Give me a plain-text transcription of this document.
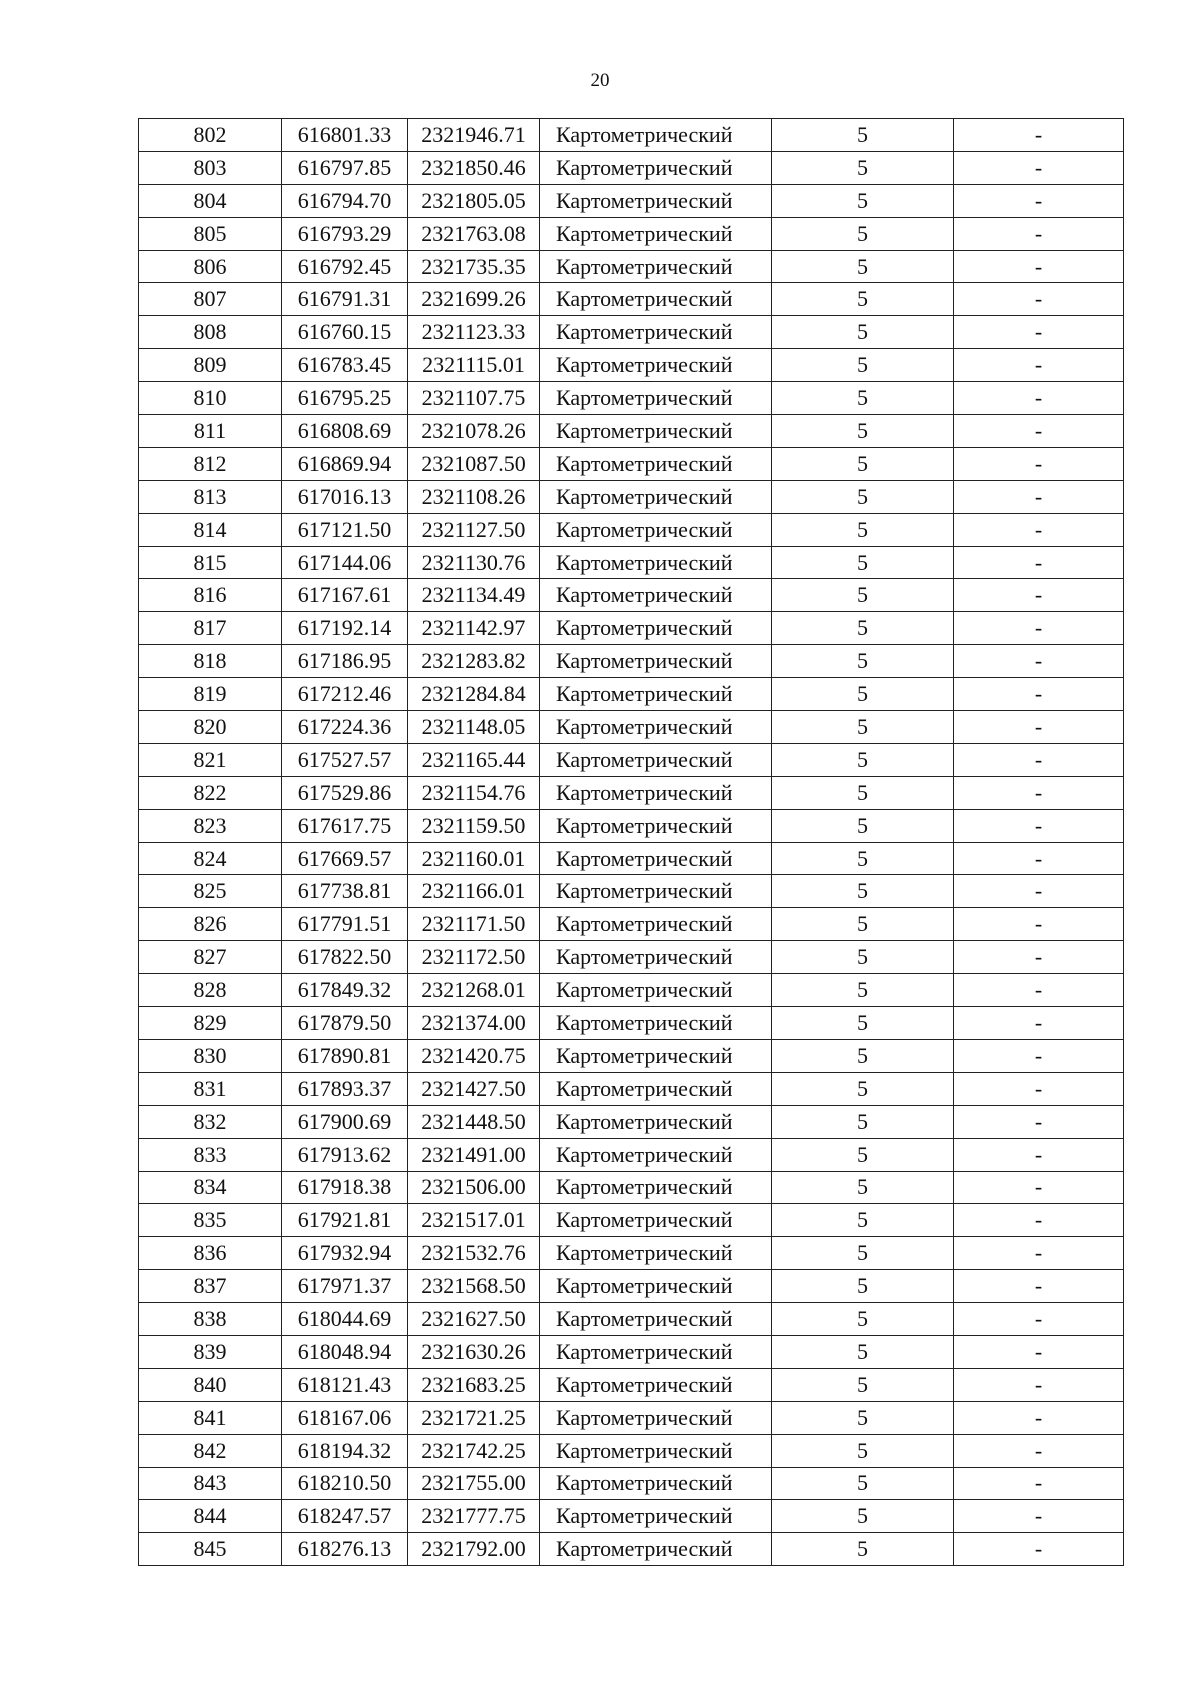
20
802	616801.33	2321946.71	Картометрический	5	-
803	616797.85	2321850.46	Картометрический	5	-
804	616794.70	2321805.05	Картометрический	5	-
805	616793.29	2321763.08	Картометрический	5	-
806	616792.45	2321735.35	Картометрический	5	-
807	616791.31	2321699.26	Картометрический	5	-
808	616760.15	2321123.33	Картометрический	5	-
809	616783.45	2321115.01	Картометрический	5	-
810	616795.25	2321107.75	Картометрический	5	-
811	616808.69	2321078.26	Картометрический	5	-
812	616869.94	2321087.50	Картометрический	5	-
813	617016.13	2321108.26	Картометрический	5	-
814	617121.50	2321127.50	Картометрический	5	-
815	617144.06	2321130.76	Картометрический	5	-
816	617167.61	2321134.49	Картометрический	5	-
817	617192.14	2321142.97	Картометрический	5	-
818	617186.95	2321283.82	Картометрический	5	-
819	617212.46	2321284.84	Картометрический	5	-
820	617224.36	2321148.05	Картометрический	5	-
821	617527.57	2321165.44	Картометрический	5	-
822	617529.86	2321154.76	Картометрический	5	-
823	617617.75	2321159.50	Картометрический	5	-
824	617669.57	2321160.01	Картометрический	5	-
825	617738.81	2321166.01	Картометрический	5	-
826	617791.51	2321171.50	Картометрический	5	-
827	617822.50	2321172.50	Картометрический	5	-
828	617849.32	2321268.01	Картометрический	5	-
829	617879.50	2321374.00	Картометрический	5	-
830	617890.81	2321420.75	Картометрический	5	-
831	617893.37	2321427.50	Картометрический	5	-
832	617900.69	2321448.50	Картометрический	5	-
833	617913.62	2321491.00	Картометрический	5	-
834	617918.38	2321506.00	Картометрический	5	-
835	617921.81	2321517.01	Картометрический	5	-
836	617932.94	2321532.76	Картометрический	5	-
837	617971.37	2321568.50	Картометрический	5	-
838	618044.69	2321627.50	Картометрический	5	-
839	618048.94	2321630.26	Картометрический	5	-
840	618121.43	2321683.25	Картометрический	5	-
841	618167.06	2321721.25	Картометрический	5	-
842	618194.32	2321742.25	Картометрический	5	-
843	618210.50	2321755.00	Картометрический	5	-
844	618247.57	2321777.75	Картометрический	5	-
845	618276.13	2321792.00	Картометрический	5	-
